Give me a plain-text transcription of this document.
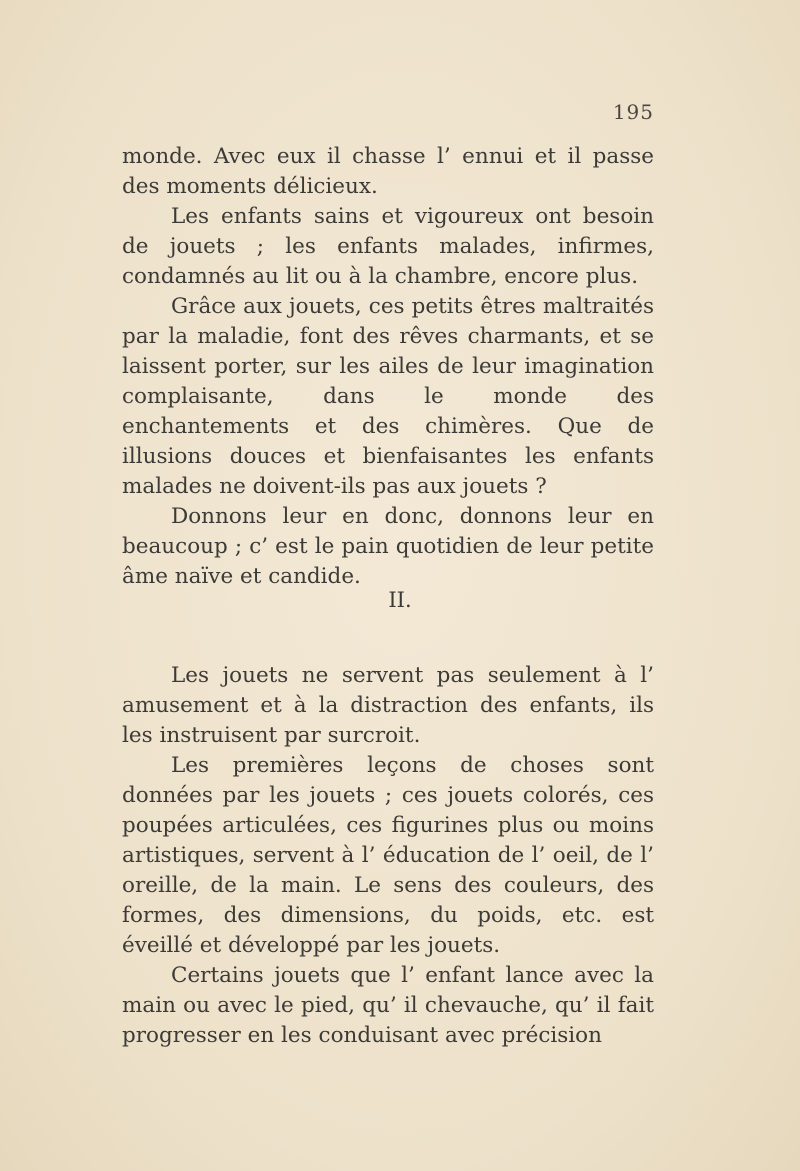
195

monde. Avec eux il chasse l’ ennui et il passe des moments délicieux.

Les enfants sains et vigoureux ont besoin de jouets ; les enfants malades, infirmes, condamnés au lit ou à la chambre, encore plus.

Grâce aux jouets, ces petits êtres maltraités par la maladie, font des rêves charmants, et se laissent porter, sur les ailes de leur imagination complaisante, dans le monde des enchantements et des chimères. Que de illusions douces et bienfaisantes les enfants malades ne doivent-ils pas aux jouets ?

Donnons leur en donc, donnons leur en beaucoup ; c’ est le pain quotidien de leur petite âme naïve et candide.

II.

Les jouets ne servent pas seulement à l’ amusement et à la distraction des enfants, ils les instruisent par surcroit.

Les premières leçons de choses sont données par les jouets ; ces jouets colorés, ces poupées articulées, ces figurines plus ou moins artistiques, servent à l’ éducation de l’ oeil, de l’ oreille, de la main. Le sens des couleurs, des formes, des dimensions, du poids, etc. est éveillé et développé par les jouets.

Certains jouets que l’ enfant lance avec la main ou avec le pied, qu’ il chevauche, qu’ il fait progresser en les conduisant avec précision
